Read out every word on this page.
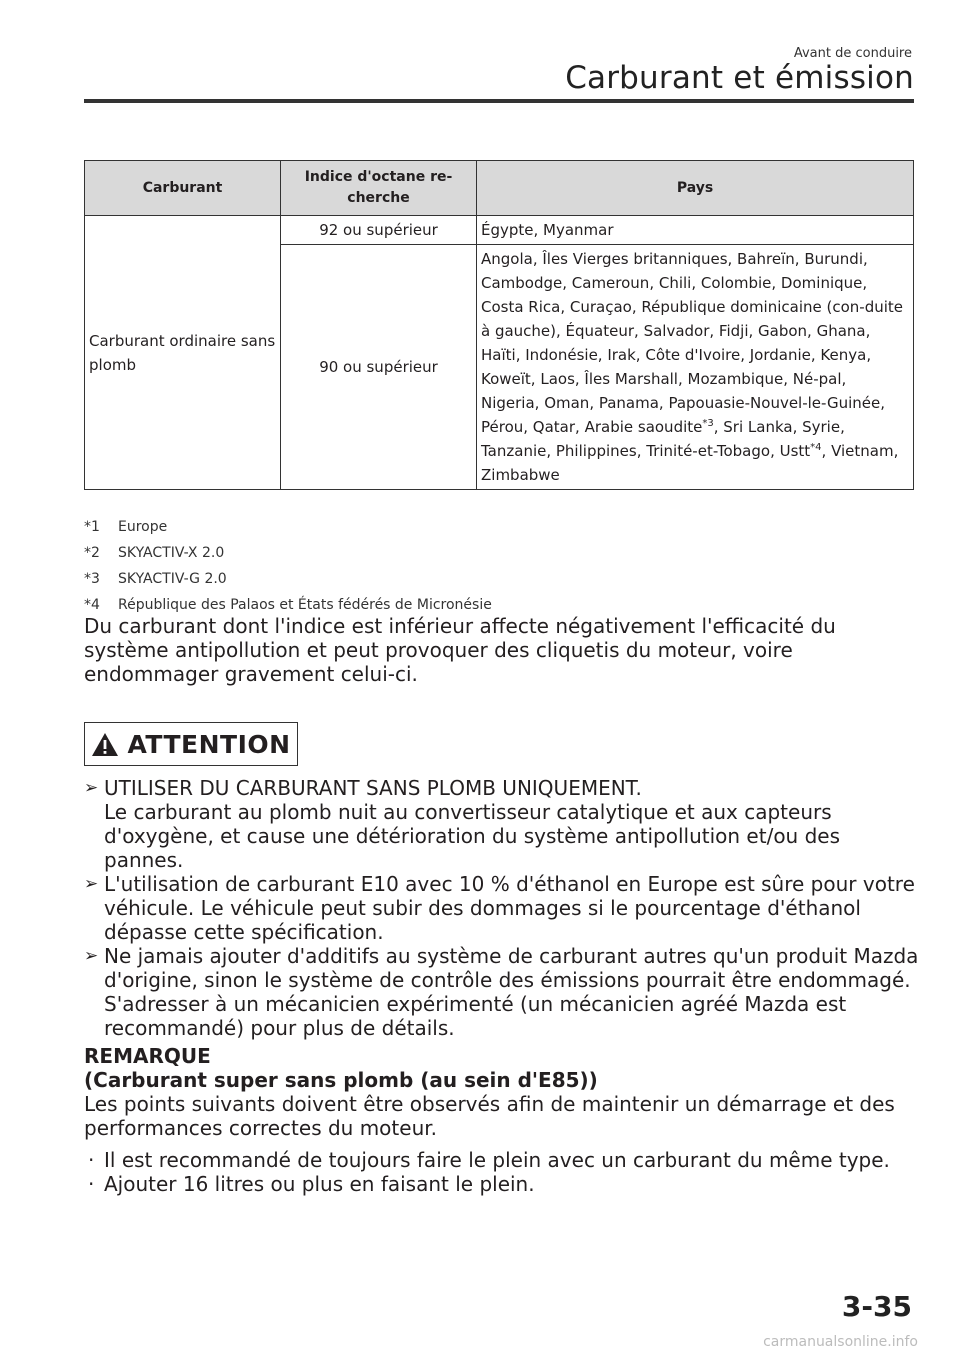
Avant de conduire
Carburant et émission
Carburant	Indice d'octane re-cherche	Pays
Carburant ordinaire sans plomb	92 ou supérieur	Égypte, Myanmar
	90 ou supérieur	Angola, Îles Vierges britanniques, Bahreïn, Burundi, Cambodge, Cameroun, Chili, Colombie, Dominique, Costa Rica, Curaçao, République dominicaine (con-duite à gauche), Équateur, Salvador, Fidji, Gabon, Ghana, Haïti, Indonésie, Irak, Côte d'Ivoire, Jordanie, Kenya, Koweït, Laos, Îles Marshall, Mozambique, Né-pal, Nigeria, Oman, Panama, Papouasie-Nouvel-le-Guinée, Pérou, Qatar, Arabie saoudite$^{*3}$, Sri Lanka, Syrie, Tanzanie, Philippines, Trinité-et-Tobago, Ustt$^{*4}$, Vietnam, Zimbabwe
*1 Europe
*2 SKYACTIV-X 2.0
*3 SKYACTIV-G 2.0
*4 République des Palaos et États fédérés de Micronésie
Du carburant dont l'indice est inférieur affecte négativement l'efficacité du système antipollution et peut provoquer des cliquetis du moteur, voire endommager gravement celui-ci.
ATTENTION
➢ UTILISER DU CARBURANT SANS PLOMB UNIQUEMENT.
Le carburant au plomb nuit au convertisseur catalytique et aux capteurs d'oxygène, et cause une détérioration du système antipollution et/ou des pannes.
➢ L'utilisation de carburant E10 avec 10 % d'éthanol en Europe est sûre pour votre véhicule. Le véhicule peut subir des dommages si le pourcentage d'éthanol dépasse cette spécification.
➢ Ne jamais ajouter d'additifs au système de carburant autres qu'un produit Mazda d'origine, sinon le système de contrôle des émissions pourrait être endommagé. S'adresser à un mécanicien expérimenté (un mécanicien agréé Mazda est recommandé) pour plus de détails.
REMARQUE
(Carburant super sans plomb (au sein d'E85))
Les points suivants doivent être observés afin de maintenir un démarrage et des performances correctes du moteur.
· Il est recommandé de toujours faire le plein avec un carburant du même type.
· Ajouter 16 litres ou plus en faisant le plein.
3-35
carmanualsonline.info
